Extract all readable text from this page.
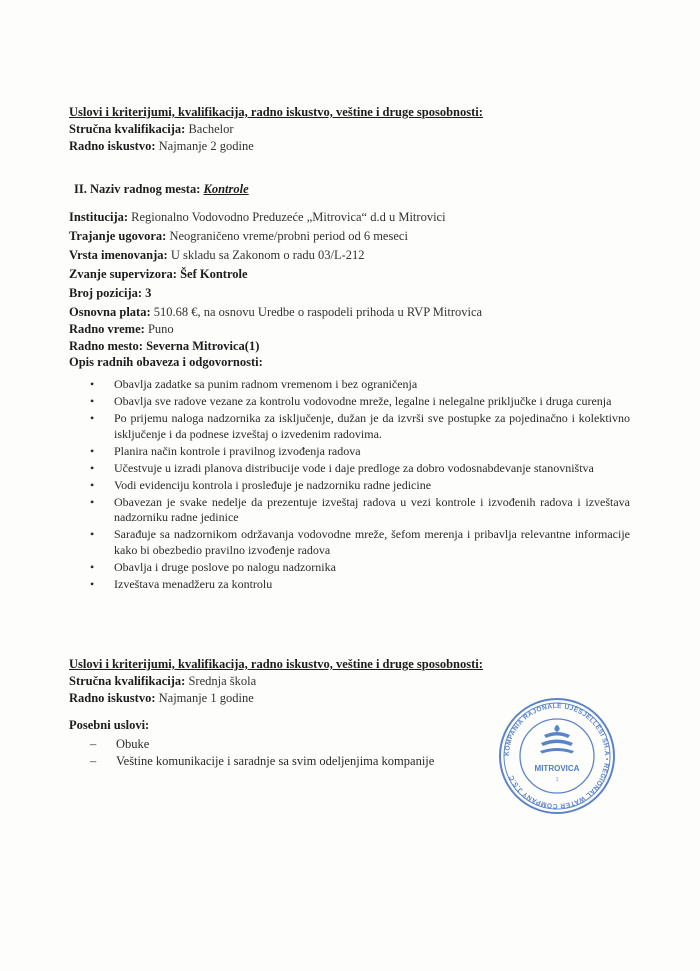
Uslovi i kriterijumi, kvalifikacija, radno iskustvo, veštine i druge sposobnosti:
Stručna kvalifikacija: Bachelor
Radno iskustvo: Najmanje 2 godine
II. Naziv radnog mesta: Kontrole
Institucija: Regionalno Vodovodno Preduzeće „Mitrovica“ d.d u Mitrovici
Trajanje ugovora: Neograničeno vreme/probni period od 6 meseci
Vrsta imenovanja: U skladu sa Zakonom o radu 03/L-212
Zvanje supervizora: Šef Kontrole
Broj pozicija: 3
Osnovna plata: 510.68 €, na osnovu Uredbe o raspodeli prihoda u RVP Mitrovica
Radno vreme: Puno
Radno mesto: Severna Mitrovica(1)
Opis radnih obaveza i odgovornosti:
• Obavlja zadatke sa punim radnom vremenom i bez ograničenja
• Obavlja sve radove vezane za kontrolu vodovodne mreže, legalne i nelegalne priključke i druga curenja
• Po prijemu naloga nadzornika za isključenje, dužan je da izvrši sve postupke za pojedinačno i kolektivno isključenje i da podnese izveštaj o izvedenim radovima.
• Planira način kontrole i pravilnog izvođenja radova
• Učestvuje u izradi planova distribucije vode i daje predloge za dobro vodosnabdevanje stanovništva
• Vodi evidenciju kontrola i prosleđuje je nadzorniku radne jedicine
• Obavezan je svake nedelje da prezentuje izveštaj radova u vezi kontrole i izvođenih radova i izveštava nadzorniku radne jedinice
• Sarađuje sa nadzornikom održavanja vodovodne mreže, šefom merenja i pribavlja relevantne informacije kako bi obezbedio pravilno izvođenje radova
• Obavlja i druge poslove po nalogu nadzornika
• Izveštava menadžeru za kontrolu
Uslovi i kriterijumi, kvalifikacija, radno iskustvo, veštine i druge sposobnosti:
Stručna kvalifikacija: Srednja škola
Radno iskustvo: Najmanje 1 godine
Posebni uslovi:
– Obuke
– Veštine komunikacije i saradnje sa svim odeljenjima kompanije
KOMPANIA RAJONALE UJËSJELLËSI SH.A • REGIONAL WATER COMPANY J.S.C
MITROVICA
1
